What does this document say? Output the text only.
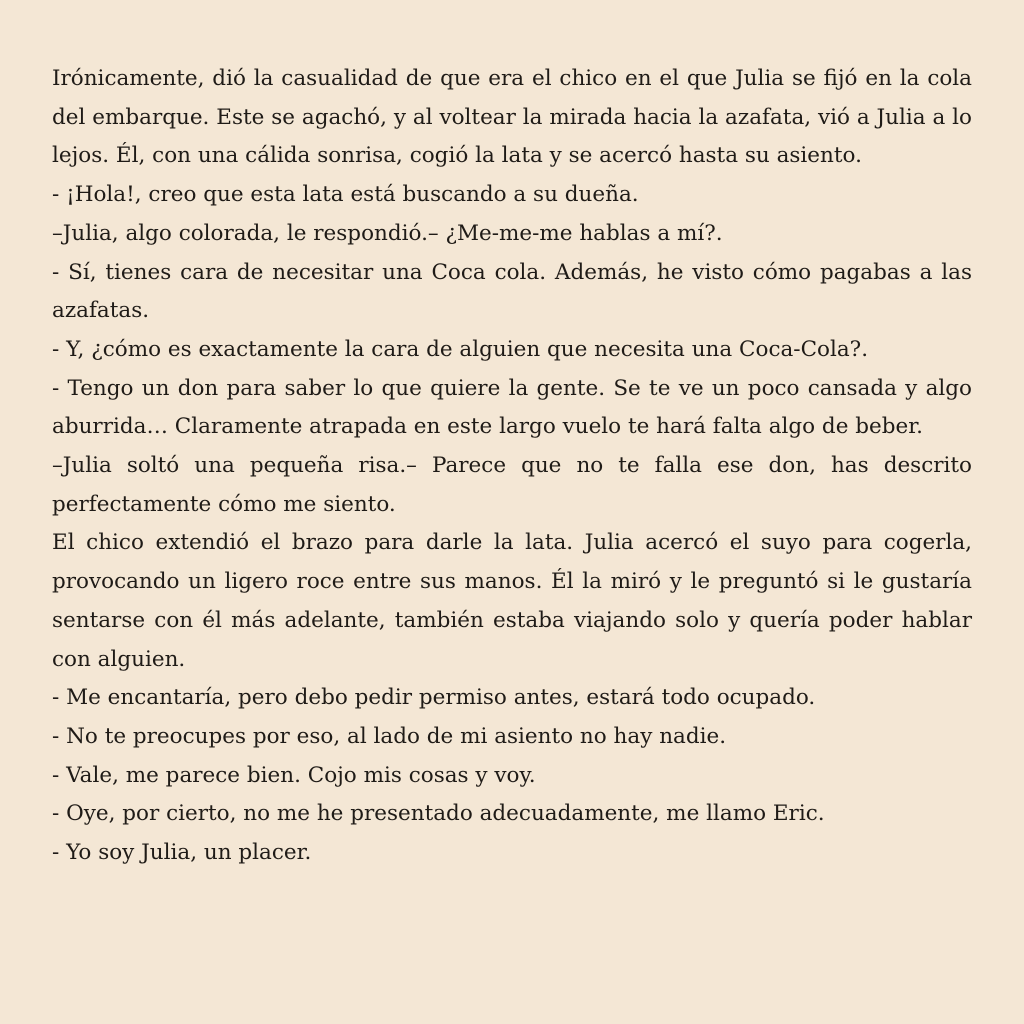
Irónicamente, dió la casualidad de que era el chico en el que Julia se fijó en la cola del embarque. Este se agachó, y al voltear la mirada hacia la azafata, vió a Julia a lo lejos. Él, con una cálida sonrisa, cogió la lata y se acercó hasta su asiento.

- ¡Hola!, creo que esta lata está buscando a su dueña.

–Julia, algo colorada, le respondió.– ¿Me-me-me hablas a mí?.

- Sí, tienes cara de necesitar una Coca cola. Además, he visto cómo pagabas a las azafatas.

- Y, ¿cómo es exactamente la cara de alguien que necesita una Coca-Cola?.

- Tengo un don para saber lo que quiere la gente. Se te ve un poco cansada y algo aburrida… Claramente atrapada en este largo vuelo te hará falta algo de beber.

–Julia soltó una pequeña risa.– Parece que no te falla ese don, has descrito perfectamente cómo me siento.

El chico extendió el brazo para darle la lata. Julia acercó el suyo para cogerla, provocando un ligero roce entre sus manos. Él la miró y le preguntó si le gustaría sentarse con él más adelante, también estaba viajando solo y quería poder hablar con alguien.

- Me encantaría, pero debo pedir permiso antes, estará todo ocupado.

- No te preocupes por eso, al lado de mi asiento no hay nadie.

- Vale, me parece bien. Cojo mis cosas y voy.

- Oye, por cierto, no me he presentado adecuadamente, me llamo Eric.

- Yo soy Julia, un placer.
